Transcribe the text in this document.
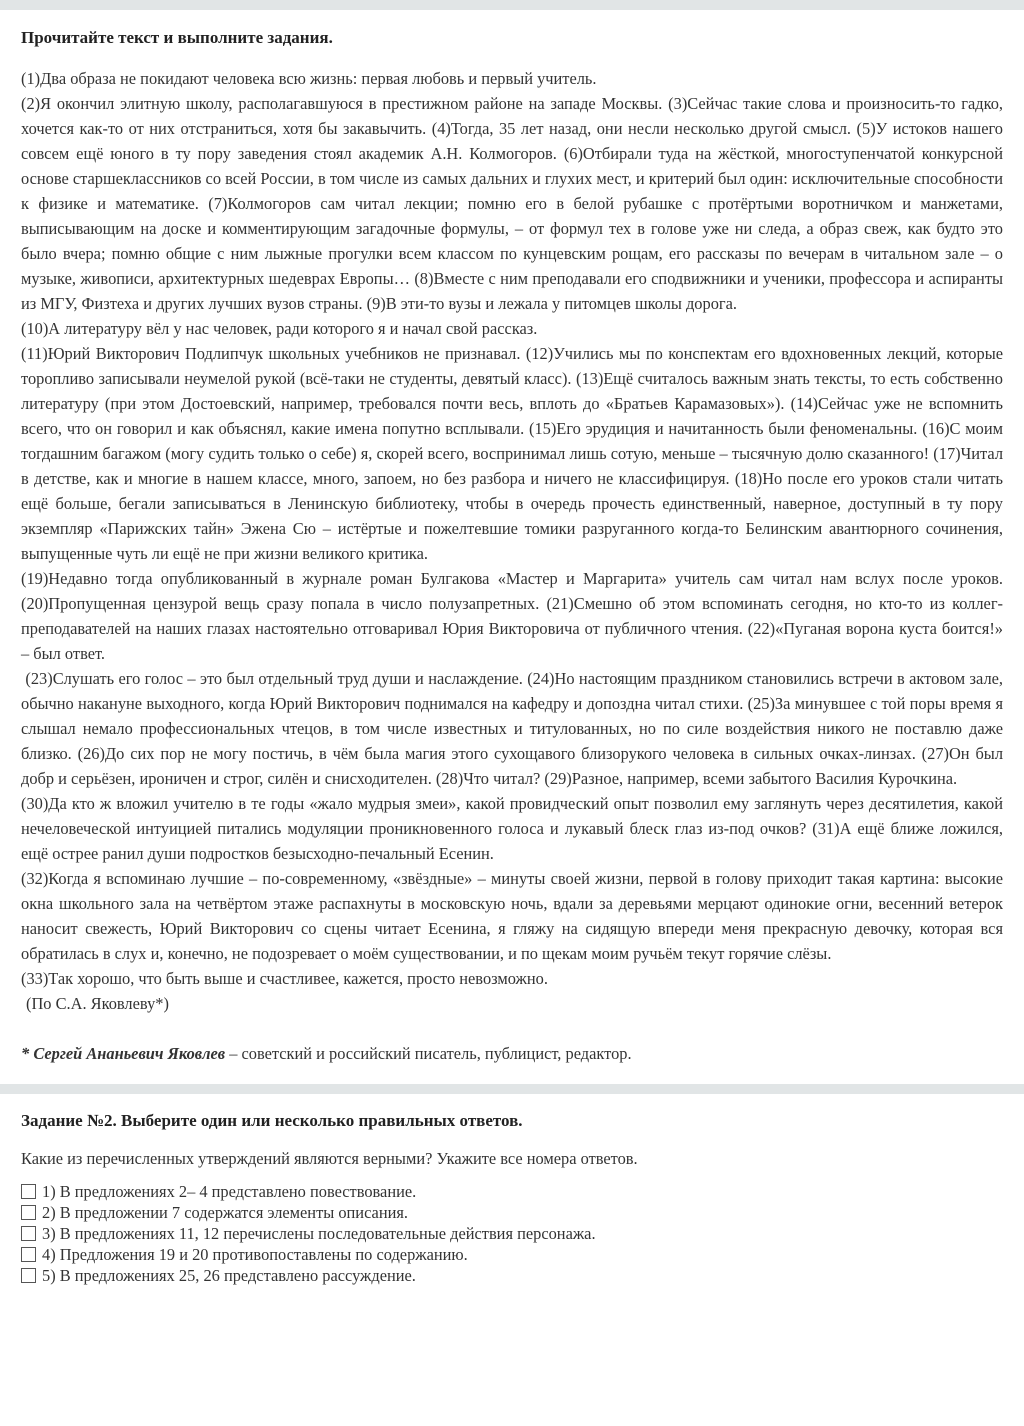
Прочитайте текст и выполните задания.

(1)Два образа не покидают человека всю жизнь: первая любовь и первый учитель.

(2)Я окончил элитную школу, располагавшуюся в престижном районе на западе Москвы. (3)Сейчас такие слова и произносить-то гадко, хочется как-то от них отстраниться, хотя бы закавычить. (4)Тогда, 35 лет назад, они несли несколько другой смысл. (5)У истоков нашего совсем ещё юного в ту пору заведения стоял академик А.Н. Колмогоров. (6)Отбирали туда на жёсткой, многоступенчатой конкурсной основе старшеклассников со всей России, в том числе из самых дальних и глухих мест, и критерий был один: исключительные способности к физике и математике. (7)Колмогоров сам читал лекции; помню его в белой рубашке с протёртыми воротничком и манжетами, выписывающим на доске и комментирующим загадочные формулы, – от формул тех в голове уже ни следа, а образ свеж, как будто это было вчера; помню общие с ним лыжные прогулки всем классом по кунцевским рощам, его рассказы по вечерам в читальном зале – о музыке, живописи, архитектурных шедеврах Европы… (8)Вместе с ним преподавали его сподвижники и ученики, профессора и аспиранты из МГУ, Физтеха и других лучших вузов страны. (9)В эти-то вузы и лежала у питомцев школы дорога.

(10)А литературу вёл у нас человек, ради которого я и начал свой рассказ.

(11)Юрий Викторович Подлипчук школьных учебников не признавал. (12)Учились мы по конспектам его вдохновенных лекций, которые торопливо записывали неумелой рукой (всё-таки не студенты, девятый класс). (13)Ещё считалось важным знать тексты, то есть собственно литературу (при этом Достоевский, например, требовался почти весь, вплоть до «Братьев Карамазовых»). (14)Сейчас уже не вспомнить всего, что он говорил и как объяснял, какие имена попутно всплывали. (15)Его эрудиция и начитанность были феноменальны. (16)С моим тогдашним багажом (могу судить только о себе) я, скорей всего, воспринимал лишь сотую, меньше – тысячную долю сказанного! (17)Читал в детстве, как и многие в нашем классе, много, запоем, но без разбора и ничего не классифицируя. (18)Но после его уроков стали читать ещё больше, бегали записываться в Ленинскую библиотеку, чтобы в очередь прочесть единственный, наверное, доступный в ту пору экземпляр «Парижских тайн» Эжена Сю – истёртые и пожелтевшие томики разруганного когда-то Белинским авантюрного сочинения, выпущенные чуть ли ещё не при жизни великого критика.

(19)Недавно тогда опубликованный в журнале роман Булгакова «Мастер и Маргарита» учитель сам читал нам вслух после уроков. (20)Пропущенная цензурой вещь сразу попала в число полузапретных. (21)Смешно об этом вспоминать сегодня, но кто-то из коллег-преподавателей на наших глазах настоятельно отговаривал Юрия Викторовича от публичного чтения. (22)«Пуганая ворона куста боится!» – был ответ.

(23)Слушать его голос – это был отдельный труд души и наслаждение. (24)Но настоящим праздником становились встречи в актовом зале, обычно накануне выходного, когда Юрий Викторович поднимался на кафедру и допоздна читал стихи. (25)За минувшее с той поры время я слышал немало профессиональных чтецов, в том числе известных и титулованных, но по силе воздействия никого не поставлю даже близко. (26)До сих пор не могу постичь, в чём была магия этого сухощавого близорукого человека в сильных очках-линзах. (27)Он был добр и серьёзен, ироничен и строг, силён и снисходителен. (28)Что читал? (29)Разное, например, всеми забытого Василия Курочкина.

(30)Да кто ж вложил учителю в те годы «жало мудрыя змеи», какой провидческий опыт позволил ему заглянуть через десятилетия, какой нечеловеческой интуицией питались модуляции проникновенного голоса и лукавый блеск глаз из-под очков? (31)А ещё ближе ложился, ещё острее ранил души подростков безысходно-печальный Есенин.

(32)Когда я вспоминаю лучшие – по-современному, «звёздные» – минуты своей жизни, первой в голову приходит такая картина: высокие окна школьного зала на четвёртом этаже распахнуты в московскую ночь, вдали за деревьями мерцают одинокие огни, весенний ветерок наносит свежесть, Юрий Викторович со сцены читает Есенина, я гляжу на сидящую впереди меня прекрасную девочку, которая вся обратилась в слух и, конечно, не подозревает о моём существовании, и по щекам моим ручьём текут горячие слёзы.

(33)Так хорошо, что быть выше и счастливее, кажется, просто невозможно.

(По С.А. Яковлеву*)

* Сергей Ананьевич Яковлев – советский и российский писатель, публицист, редактор.

Задание №2. Выберите один или несколько правильных ответов.
Какие из перечисленных утверждений являются верными? Укажите все номера ответов.
1) В предложениях 2– 4 представлено повествование.
2) В предложении 7 содержатся элементы описания.
3) В предложениях 11, 12 перечислены последовательные действия персонажа.
4) Предложения 19 и 20 противопоставлены по содержанию.
5) В предложениях 25, 26 представлено рассуждение.
